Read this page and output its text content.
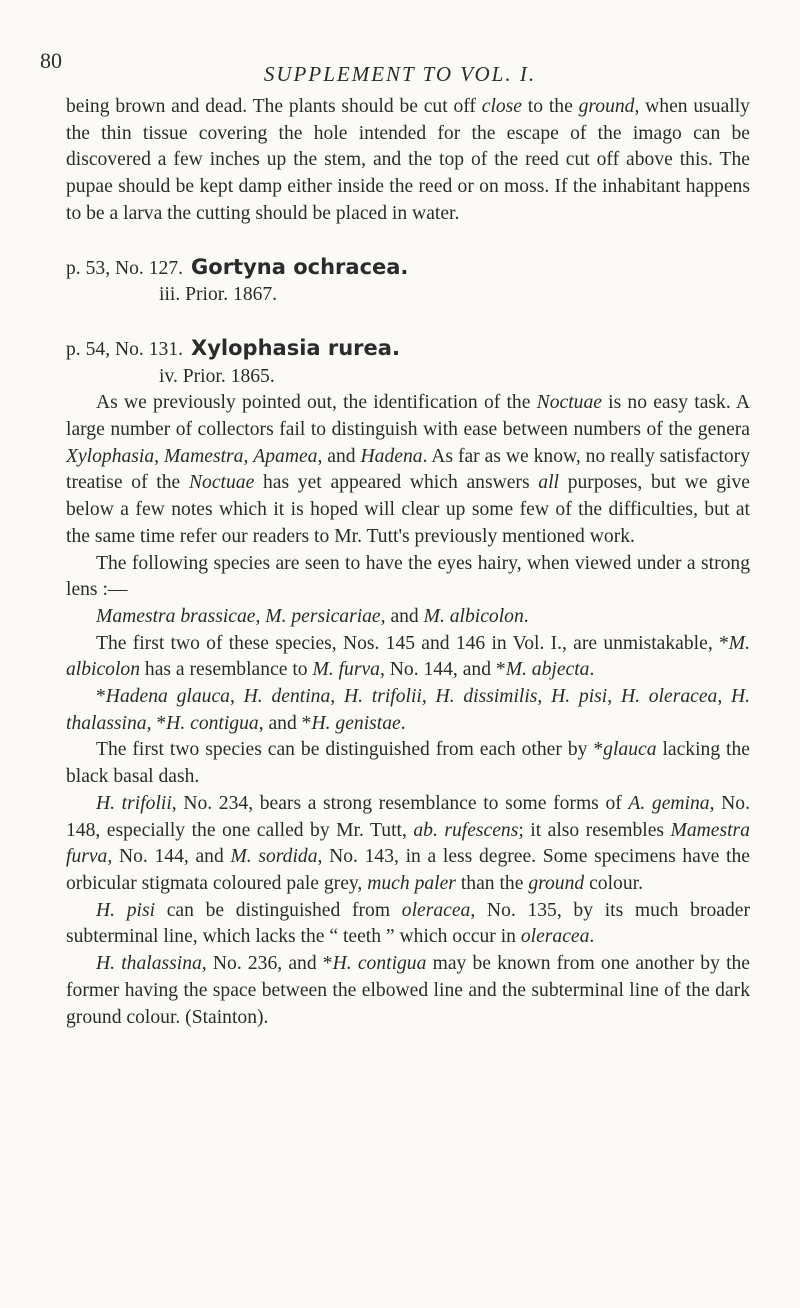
80
SUPPLEMENT TO VOL. I.

being brown and dead. The plants should be cut off close to the ground, when usually the thin tissue covering the hole intended for the escape of the imago can be discovered a few inches up the stem, and the top of the reed cut off above this. The pupae should be kept damp either inside the reed or on moss. If the inhabitant happens to be a larva the cutting should be placed in water.

p. 53, No. 127. Gortyna ochracea.
iii. Prior. 1867.
p. 54, No. 131. Xylophasia rurea.
iv. Prior. 1865.

As we previously pointed out, the identification of the Noctuae is no easy task. A large number of collectors fail to distinguish with ease between numbers of the genera Xylophasia, Mamestra, Apamea, and Hadena. As far as we know, no really satisfactory treatise of the Noctuae has yet appeared which answers all purposes, but we give below a few notes which it is hoped will clear up some few of the difficulties, but at the same time refer our readers to Mr. Tutt's previously mentioned work.

The following species are seen to have the eyes hairy, when viewed under a strong lens :—

Mamestra brassicae, M. persicariae, and M. albicolon.

The first two of these species, Nos. 145 and 146 in Vol. I., are unmistakable, *M. albicolon has a resemblance to M. furva, No. 144, and *M. abjecta.

*Hadena glauca, H. dentina, H. trifolii, H. dissimilis, H. pisi, H. oleracea, H. thalassina, *H. contigua, and *H. genistae.

The first two species can be distinguished from each other by *glauca lacking the black basal dash.

H. trifolii, No. 234, bears a strong resemblance to some forms of A. gemina, No. 148, especially the one called by Mr. Tutt, ab. rufescens; it also resembles Mamestra furva, No. 144, and M. sordida, No. 143, in a less degree. Some specimens have the orbicular stigmata coloured pale grey, much paler than the ground colour.

H. pisi can be distinguished from oleracea, No. 135, by its much broader subterminal line, which lacks the “ teeth ” which occur in oleracea.

H. thalassina, No. 236, and *H. contigua may be known from one another by the former having the space between the elbowed line and the subterminal line of the dark ground colour. (Stainton).
